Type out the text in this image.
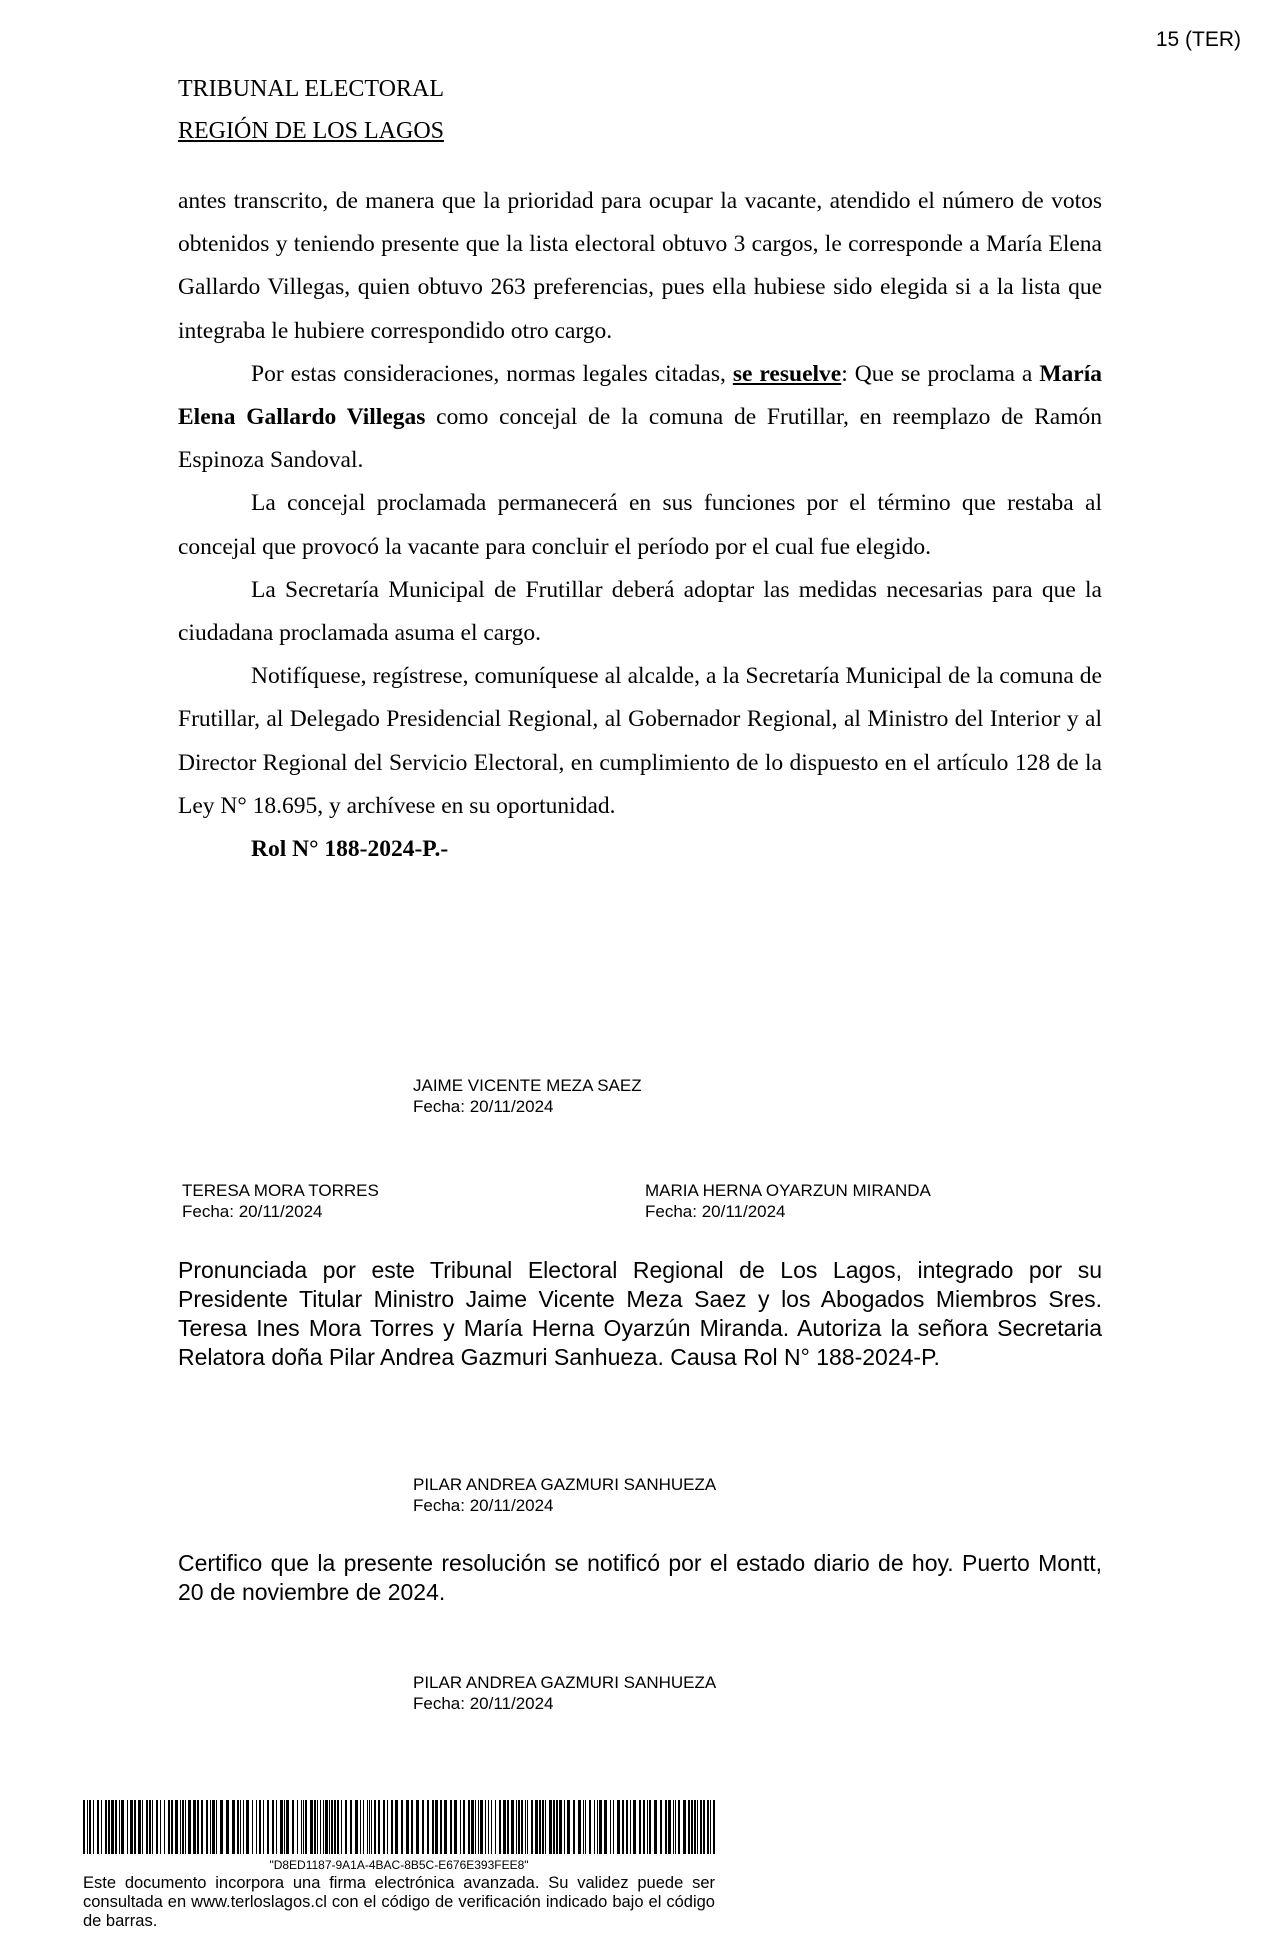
15 (TER)
TRIBUNAL ELECTORAL
REGIÓN DE LOS LAGOS

antes transcrito, de manera que la prioridad para ocupar la vacante, atendido el número de votos obtenidos y teniendo presente que la lista electoral obtuvo 3 cargos, le corresponde a María Elena Gallardo Villegas, quien obtuvo 263 preferencias, pues ella hubiese sido elegida si a la lista que integraba le hubiere correspondido otro cargo.

Por estas consideraciones, normas legales citadas, se resuelve: Que se proclama a María Elena Gallardo Villegas como concejal de la comuna de Frutillar, en reemplazo de Ramón Espinoza Sandoval.

La concejal proclamada permanecerá en sus funciones por el término que restaba al concejal que provocó la vacante para concluir el período por el cual fue elegido.

La Secretaría Municipal de Frutillar deberá adoptar las medidas necesarias para que la ciudadana proclamada asuma el cargo.

Notifíquese, regístrese, comuníquese al alcalde, a la Secretaría Municipal de la comuna de Frutillar, al Delegado Presidencial Regional, al Gobernador Regional, al Ministro del Interior y al Director Regional del Servicio Electoral, en cumplimiento de lo dispuesto en el artículo 128 de la Ley N° 18.695, y archívese en su oportunidad.

Rol N° 188-2024-P.-

JAIME VICENTE MEZA SAEZ
Fecha: 20/11/2024
TERESA MORA TORRES
Fecha: 20/11/2024
MARIA HERNA OYARZUN MIRANDA
Fecha: 20/11/2024

Pronunciada por este Tribunal Electoral Regional de Los Lagos, integrado por su Presidente Titular Ministro Jaime Vicente Meza Saez y los Abogados Miembros Sres. Teresa Ines Mora Torres y María Herna Oyarzún Miranda. Autoriza la señora Secretaria Relatora doña Pilar Andrea Gazmuri Sanhueza. Causa Rol N° 188-2024-P.

PILAR ANDREA GAZMURI SANHUEZA
Fecha: 20/11/2024

Certifico que la presente resolución se notificó por el estado diario de hoy. Puerto Montt, 20 de noviembre de 2024.

PILAR ANDREA GAZMURI SANHUEZA
Fecha: 20/11/2024
"D8ED1187-9A1A-4BAC-8B5C-E676E393FEE8"

Este documento incorpora una firma electrónica avanzada. Su validez puede ser consultada en www.terloslagos.cl con el código de verificación indicado bajo el código de barras.
